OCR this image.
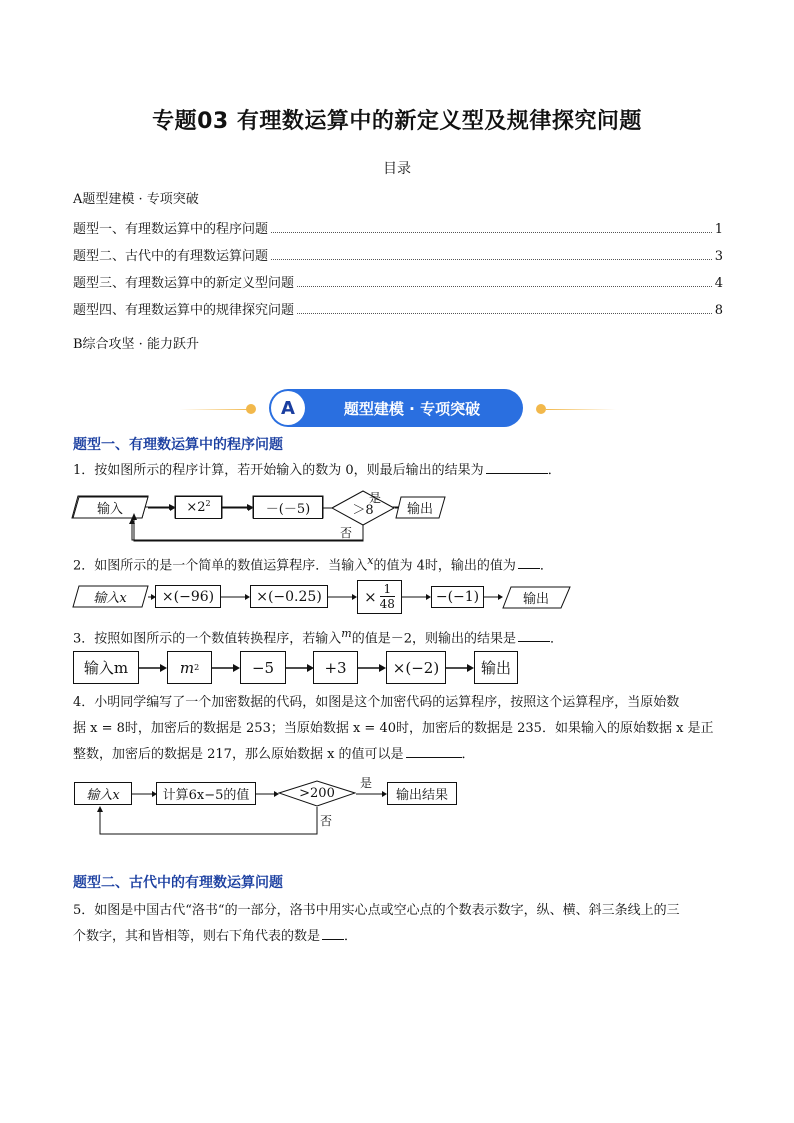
专题03 有理数运算中的新定义型及规律探究问题
目录
A题型建模 · 专项突破
题型一、有理数运算中的程序问题	1
题型二、古代中的有理数运算问题	3
题型三、有理数运算中的新定义型问题	4
题型四、有理数运算中的规律探究问题	8
B综合攻坚 · 能力跃升
A	题型建模 · 专项突破
题型一、有理数运算中的程序问题
1．按如图所示的程序计算，若开始输入的数为 0，则最后输出的结果为	．
输入	$\times 2^2$	－(－5)	＞8
是
输出
否
2．如图所示的是一个简单的数值运算程序．当输入$^x$的值为 4时，输出的值为 ．
输入x	×(−96)	×(−0.25)	× $\frac{1}{48}$	−(−1)	输出
3．按照如图所示的一个数值转换程序，若输入$^m$的值是－2，则输出的结果是	．
输入m	m 2	−5	+3	×(−2)	输出
4．小明同学编写了一个加密数据的代码，如图是这个加密代码的运算程序，按照这个运算程序，当原始数
据 x = 8时，加密后的数据是 253；当原始数据 x = 40时，加密后的数据是 235．如果输入的原始数据 x 是正
整数，加密后的数据是 217，那么原始数据 x 的值可以是	．
输入x	计算6x−5的值	>200
是
输出结果
否
题型二、古代中的有理数运算问题
5．如图是中国古代“洛书“的一部分，洛书中用实心点或空心点的个数表示数字，纵、横、斜三条线上的三
个数字，其和皆相等，则右下角代表的数是 ．
